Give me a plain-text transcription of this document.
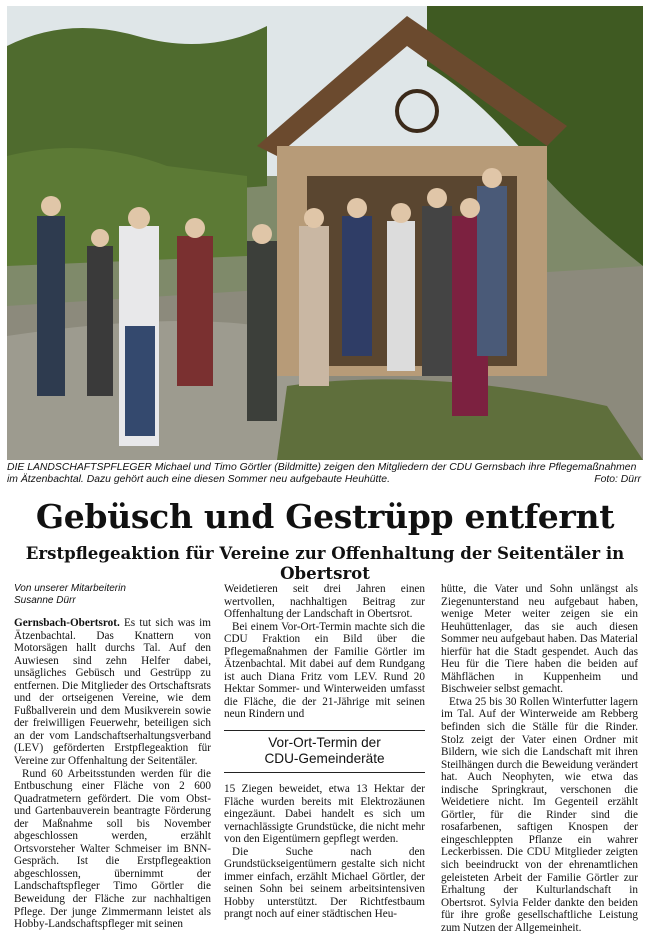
DIE LANDSCHAFTSPFLEGER Michael und Timo Görtler (Bildmitte) zeigen den Mitgliedern der CDU Gernsbach ihre Pflegemaßnahmen im Ätzenbachtal. Dazu gehört auch eine diesen Sommer neu aufgebaute Heuhütte.	Foto: Dürr
Gebüsch und Gestrüpp entfernt
Erstpflegeaktion für Vereine zur Offenhaltung der Seitentäler in Obertsrot

Von unserer Mitarbeiterin
Susanne Dürr

Gernsbach-Obertsrot. Es tut sich was im Ätzenbachtal. Das Knattern von Motorsägen hallt durchs Tal. Auf den Auwiesen sind zehn Helfer dabei, unsägliches Gebüsch und Gestrüpp zu entfernen. Die Mitglieder des Ortschaftsrats und der ortseigenen Vereine, wie dem Fußballverein und dem Musikverein sowie der freiwilligen Feuerwehr, beteiligen sich an der vom Landschaftserhaltungsverband (LEV) geförderten Erstpflegeaktion für Vereine zur Offenhaltung der Seitentäler.

Rund 60 Arbeitsstunden werden für die Entbuschung einer Fläche von 2 600 Quadratmetern gefördert. Die vom Obst- und Gartenbauverein beantragte Förderung der Maßnahme soll bis November abgeschlossen werden, erzählt Ortsvorsteher Walter Schmeiser im BNN-Gespräch. Ist die Erstpflegeaktion abgeschlossen, übernimmt der Landschaftspfleger Timo Görtler die Beweidung der Fläche zur nachhaltigen Pflege. Der junge Zimmermann leistet als Hobby-Landschaftspfleger mit seinen

Weidetieren seit drei Jahren einen wertvollen, nachhaltigen Beitrag zur Offenhaltung der Landschaft in Obertsrot.

Bei einem Vor-Ort-Termin machte sich die CDU Fraktion ein Bild über die Pflegemaßnahmen der Familie Görtler im Ätzenbachtal. Mit dabei auf dem Rundgang ist auch Diana Fritz vom LEV. Rund 20 Hektar Sommer- und Winterweiden umfasst die Fläche, die der 21-Jährige mit seinen neun Rindern und

Vor-Ort-Termin der
CDU-Gemeinderäte

15 Ziegen beweidet, etwa 13 Hektar der Fläche wurden bereits mit Elektrozäunen eingezäunt. Dabei handelt es sich um vernachlässigte Grundstücke, die nicht mehr von den Eigentümern gepflegt werden.

Die Suche nach den Grundstückseigentümern gestalte sich nicht immer einfach, erzählt Michael Görtler, der seinen Sohn bei seinem arbeitsintensiven Hobby unterstützt. Der Richtfestbaum prangt noch auf einer städtischen Heu-

hütte, die Vater und Sohn unlängst als Ziegenunterstand neu aufgebaut haben, wenige Meter weiter zeigen sie ein Heuhüttenlager, das sie auch diesen Sommer neu aufgebaut haben. Das Material hierfür hat die Stadt gespendet. Auch das Heu für die Tiere haben die beiden auf Mähflächen in Kuppenheim und Bischweier selbst gemacht.

Etwa 25 bis 30 Rollen Winterfutter lagern im Tal. Auf der Winterweide am Rebberg befinden sich die Ställe für die Rinder. Stolz zeigt der Vater einen Ordner mit Bildern, wie sich die Landschaft mit ihren Steilhängen durch die Beweidung verändert hat. Auch Neophyten, wie etwa das indische Springkraut, verschonen die Weidetiere nicht. Im Gegenteil erzählt Görtler, für die Rinder sind die rosafarbenen, saftigen Knospen der eingeschleppten Pflanze ein wahrer Leckerbissen. Die CDU Mitglieder zeigten sich beeindruckt von der ehrenamtlichen geleisteten Arbeit der Familie Görtler zur Erhaltung der Kulturlandschaft in Obertsrot. Sylvia Felder dankte den beiden für ihre große gesellschaftliche Leistung zum Nutzen der Allgemeinheit.
